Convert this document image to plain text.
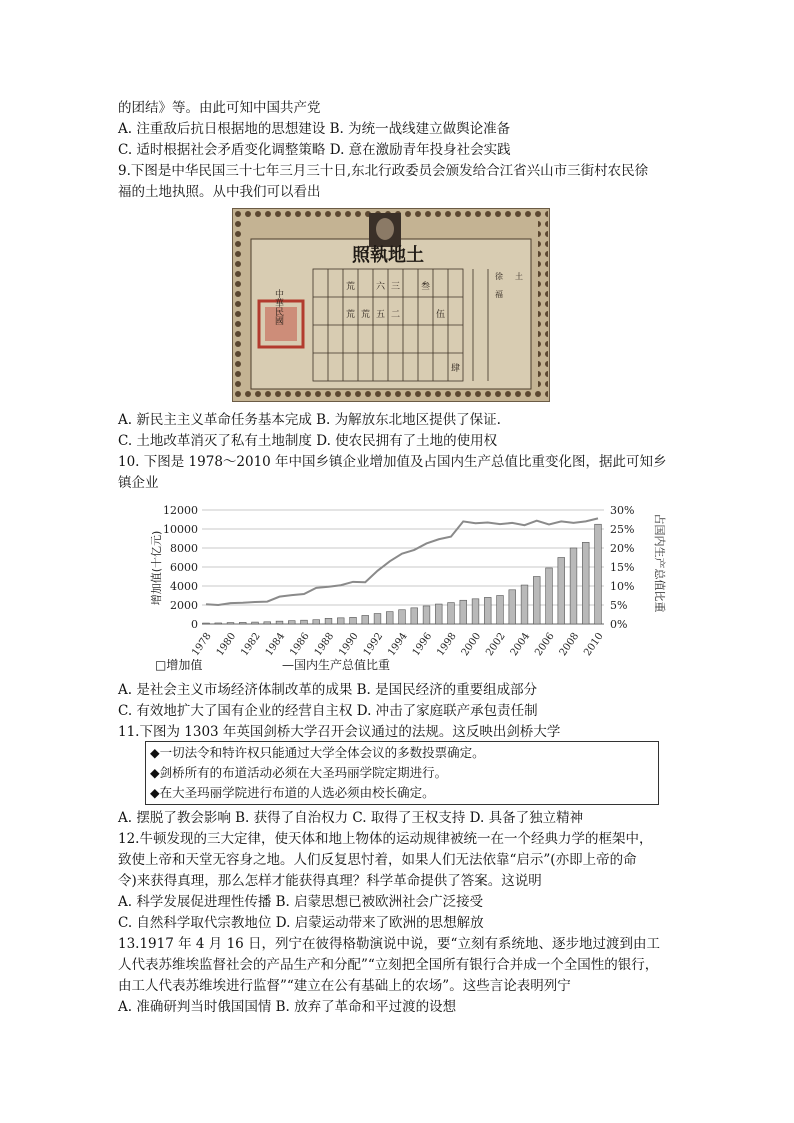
的团结》等。由此可知中国共产党
A. 注重敌后抗日根据地的思想建设 B. 为统一战线建立做舆论准备
C. 适时根据社会矛盾变化调整策略 D. 意在激励青年投身社会实践
9.下图是中华民国三十七年三月三十日,东北行政委员会颁发给合江省兴山市三街村农民徐
福的土地执照。从中我们可以看出
照執地土
中華民國
荒
荒 荒
六
五
三
二
叁
伍
肆
徐
福
土
A. 新民主主义革命任务基本完成 B. 为解放东北地区提供了保证.
C. 土地改革消灭了私有土地制度 D. 使农民拥有了土地的使用权
10. 下图是 1978～2010 年中国乡镇企业增加值及占国内生产总值比重变化图，据此可知乡
镇企业
0
2000
4000
6000
8000
10000
12000
0%
5%
10%
15%
20%
25%
30%
1978 1980 1982 1984 1986 1988 1990 1992 1994 1996 1998 2000 2002 2004 2006 2008 2010
增加值(十亿元)	占国内生产总值比重
□增加值	—国内生产总值比重
A. 是社会主义市场经济体制改革的成果 B. 是国民经济的重要组成部分
C. 有效地扩大了国有企业的经营自主权 D. 冲击了家庭联产承包责任制
11.下图为 1303 年英国剑桥大学召开会议通过的法规。这反映出剑桥大学
◆一切法令和特许权只能通过大学全体会议的多数投票确定。
◆剑桥所有的布道活动必须在大圣玛丽学院定期进行。
◆在大圣玛丽学院进行布道的人选必须由校长确定。
A. 摆脱了教会影响 B. 获得了自治权力 C. 取得了王权支持 D. 具备了独立精神
12.牛顿发现的三大定律，使天体和地上物体的运动规律被统一在一个经典力学的框架中，
致使上帝和天堂无容身之地。人们反复思忖着，如果人们无法依靠“启示”(亦即上帝的命
令)来获得真理，那么怎样才能获得真理？科学革命提供了答案。这说明
A. 科学发展促进理性传播 B. 启蒙思想已被欧洲社会广泛接受
C. 自然科学取代宗教地位 D. 启蒙运动带来了欧洲的思想解放
13.1917 年 4 月 16 日，列宁在彼得格勒演说中说，要“立刻有系统地、逐步地过渡到由工
人代表苏维埃监督社会的产品生产和分配”“立刻把全国所有银行合并成一个全国性的银行，
由工人代表苏维埃进行监督”“建立在公有基础上的农场”。这些言论表明列宁
A. 准确研判当时俄国国情 B. 放弃了革命和平过渡的设想
